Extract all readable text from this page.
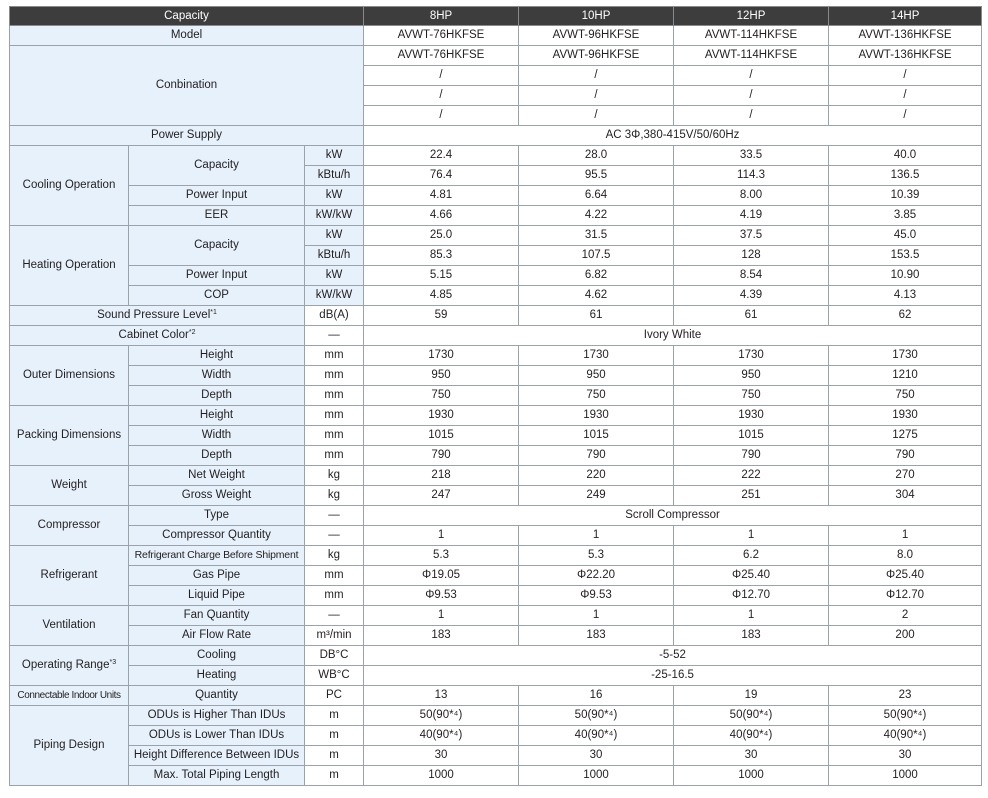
Capacity			8HP	10HP	12HP	14HP
Model			AVWT-76HKFSE	AVWT-96HKFSE	AVWT-114HKFSE	AVWT-136HKFSE
Conbination			AVWT-76HKFSE	AVWT-96HKFSE	AVWT-114HKFSE	AVWT-136HKFSE
			/	/	/	/
			/	/	/	/
			/	/	/	/
Power Supply			AC 3Φ,380-415V/50/60Hz			
Cooling Operation	Capacity	kW	22.4	28.0	33.5	40.0
		kBtu/h	76.4	95.5	114.3	136.5
	Power Input	kW	4.81	6.64	8.00	10.39
	EER	kW/kW	4.66	4.22	4.19	3.85
Heating Operation	Capacity	kW	25.0	31.5	37.5	45.0
		kBtu/h	85.3	107.5	128	153.5
	Power Input	kW	5.15	6.82	8.54	10.90
	COP	kW/kW	4.85	4.62	4.39	4.13
Sound Pressure Level$^{*1}$		dB(A)	59	61	61	62
Cabinet Color$^{*2}$		—	Ivory White			
Outer Dimensions	Height	mm	1730	1730	1730	1730
	Width	mm	950	950	950	1210
	Depth	mm	750	750	750	750
Packing Dimensions	Height	mm	1930	1930	1930	1930
	Width	mm	1015	1015	1015	1275
	Depth	mm	790	790	790	790
Weight	Net Weight	kg	218	220	222	270
	Gross Weight	kg	247	249	251	304
Compressor	Type	—	Scroll Compressor			
	Compressor Quantity	—	1	1	1	1
Refrigerant	Refrigerant Charge Before Shipment	kg	5.3	5.3	6.2	8.0
	Gas Pipe	mm	Φ19.05	Φ22.20	Φ25.40	Φ25.40
	Liquid Pipe	mm	Φ9.53	Φ9.53	Φ12.70	Φ12.70
Ventilation	Fan Quantity	—	1	1	1	2
	Air Flow Rate	m³/min	183	183	183	200
Operating Range$^{*3}$	Cooling	DB°C	-5-52			
	Heating	WB°C	-25-16.5			
Connectable Indoor Units	Quantity	PC	13	16	19	23
Piping Design	ODUs is Higher Than IDUs	m	50(90*⁴)	50(90*⁴)	50(90*⁴)	50(90*⁴)
	ODUs is Lower Than IDUs	m	40(90*⁴)	40(90*⁴)	40(90*⁴)	40(90*⁴)
	Height Difference Between IDUs	m	30	30	30	30
	Max. Total Piping Length	m	1000	1000	1000	1000
